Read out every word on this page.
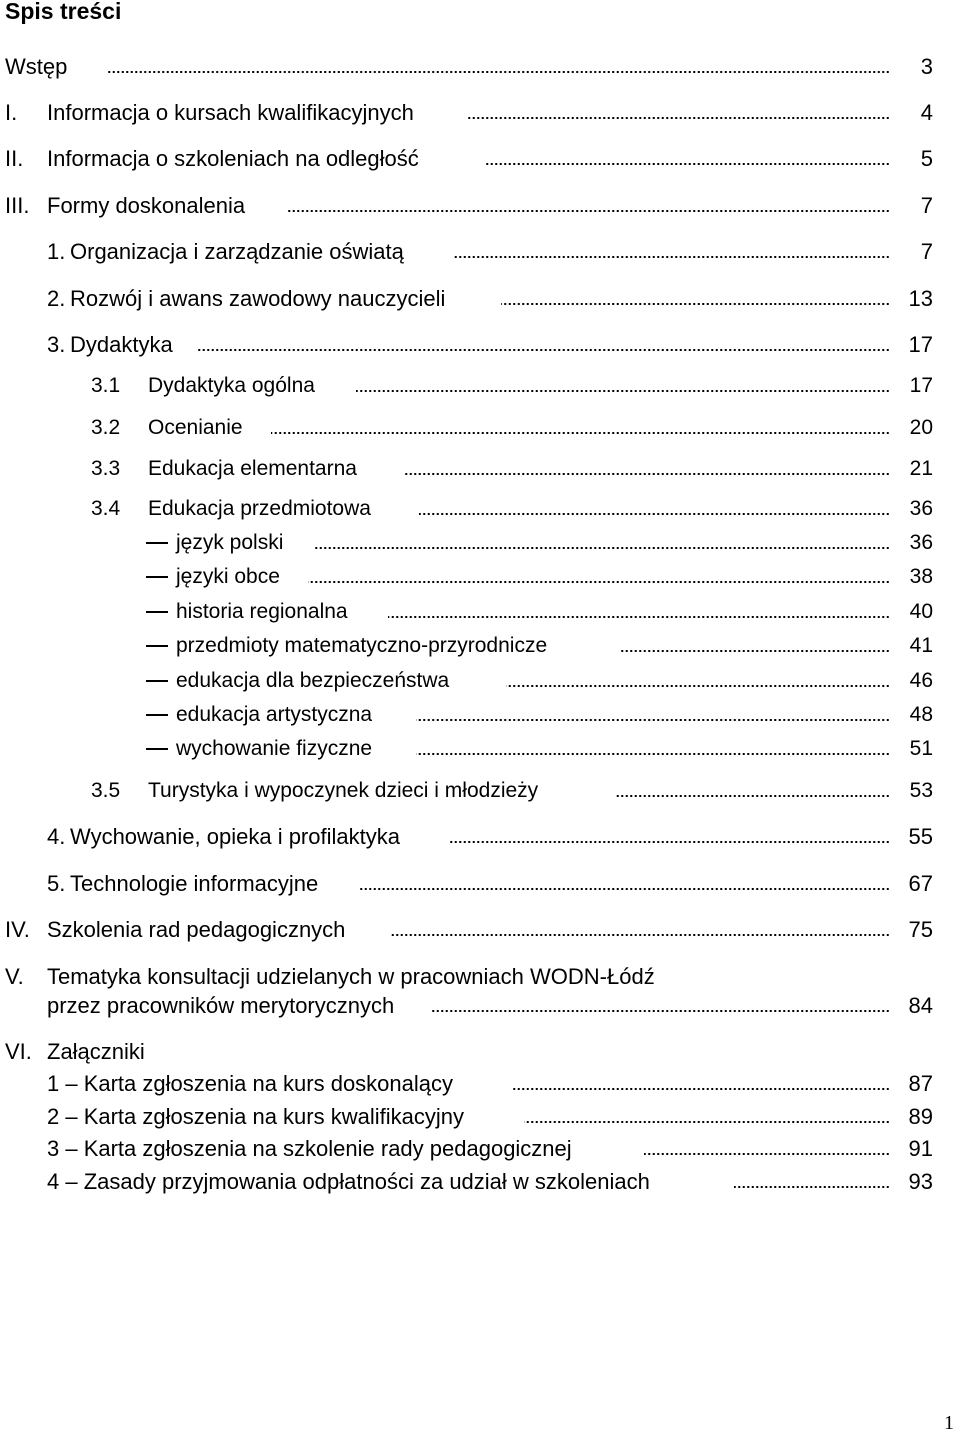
Spis treści
Wstęp	3
I. Informacja o kursach kwalifikacyjnych	4
II. Informacja o szkoleniach na odległość	5
III. Formy doskonalenia	7
1. Organizacja i zarządzanie oświatą	7
2. Rozwój i awans zawodowy nauczycieli	13
3. Dydaktyka	17
3.1 Dydaktyka ogólna	17
3.2 Ocenianie	20
3.3 Edukacja elementarna	21
3.4 Edukacja przedmiotowa	36
język polski	36
języki obce	38
historia regionalna	40
przedmioty matematyczno-przyrodnicze	41
edukacja dla bezpieczeństwa	46
edukacja artystyczna	48
wychowanie fizyczne	51
3.5 Turystyka i wypoczynek dzieci i młodzieży	53
4. Wychowanie, opieka i profilaktyka	55
5. Technologie informacyjne	67
IV. Szkolenia rad pedagogicznych	75
V. Tematyka konsultacji udzielanych w pracowniach WODN-Łódź
przez pracowników merytorycznych	84
VI. Załączniki
1 – Karta zgłoszenia na kurs doskonalący	87
2 – Karta zgłoszenia na kurs kwalifikacyjny	89
3 – Karta zgłoszenia na szkolenie rady pedagogicznej	91
4 – Zasady przyjmowania odpłatności za udział w szkoleniach	93
1
